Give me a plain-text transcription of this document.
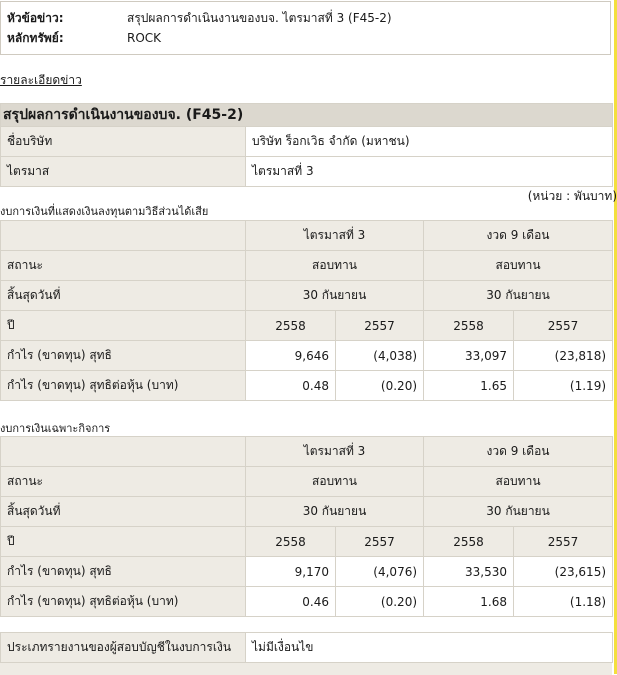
หัวข้อข่าว:	สรุปผลการดำเนินงานของบจ. ไตรมาสที่ 3 (F45-2)
หลักทรัพย์:	ROCK
รายละเอียดข่าว
สรุปผลการดำเนินงานของบจ. (F45-2)	
ชื่อบริษัท	บริษัท ร็อกเวิธ จำกัด (มหาชน)
ไตรมาส	ไตรมาสที่ 3
(หน่วย : พันบาท)
งบการเงินที่แสดงเงินลงทุนตามวิธีส่วนได้เสีย
	ไตรมาสที่ 3		งวด 9 เดือน	
สถานะ	สอบทาน		สอบทาน	
สิ้นสุดวันที่	30 กันยายน		30 กันยายน	
ปี	2558	2557	2558	2557
กำไร (ขาดทุน) สุทธิ	9,646	(4,038)	33,097	(23,818)
กำไร (ขาดทุน) สุทธิต่อหุ้น (บาท)	0.48	(0.20)	1.65	(1.19)
งบการเงินเฉพาะกิจการ
	ไตรมาสที่ 3		งวด 9 เดือน	
สถานะ	สอบทาน		สอบทาน	
สิ้นสุดวันที่	30 กันยายน		30 กันยายน	
ปี	2558	2557	2558	2557
กำไร (ขาดทุน) สุทธิ	9,170	(4,076)	33,530	(23,615)
กำไร (ขาดทุน) สุทธิต่อหุ้น (บาท)	0.46	(0.20)	1.68	(1.18)
ประเภทรายงานของผู้สอบบัญชีในงบการเงิน	ไม่มีเงื่อนไข
